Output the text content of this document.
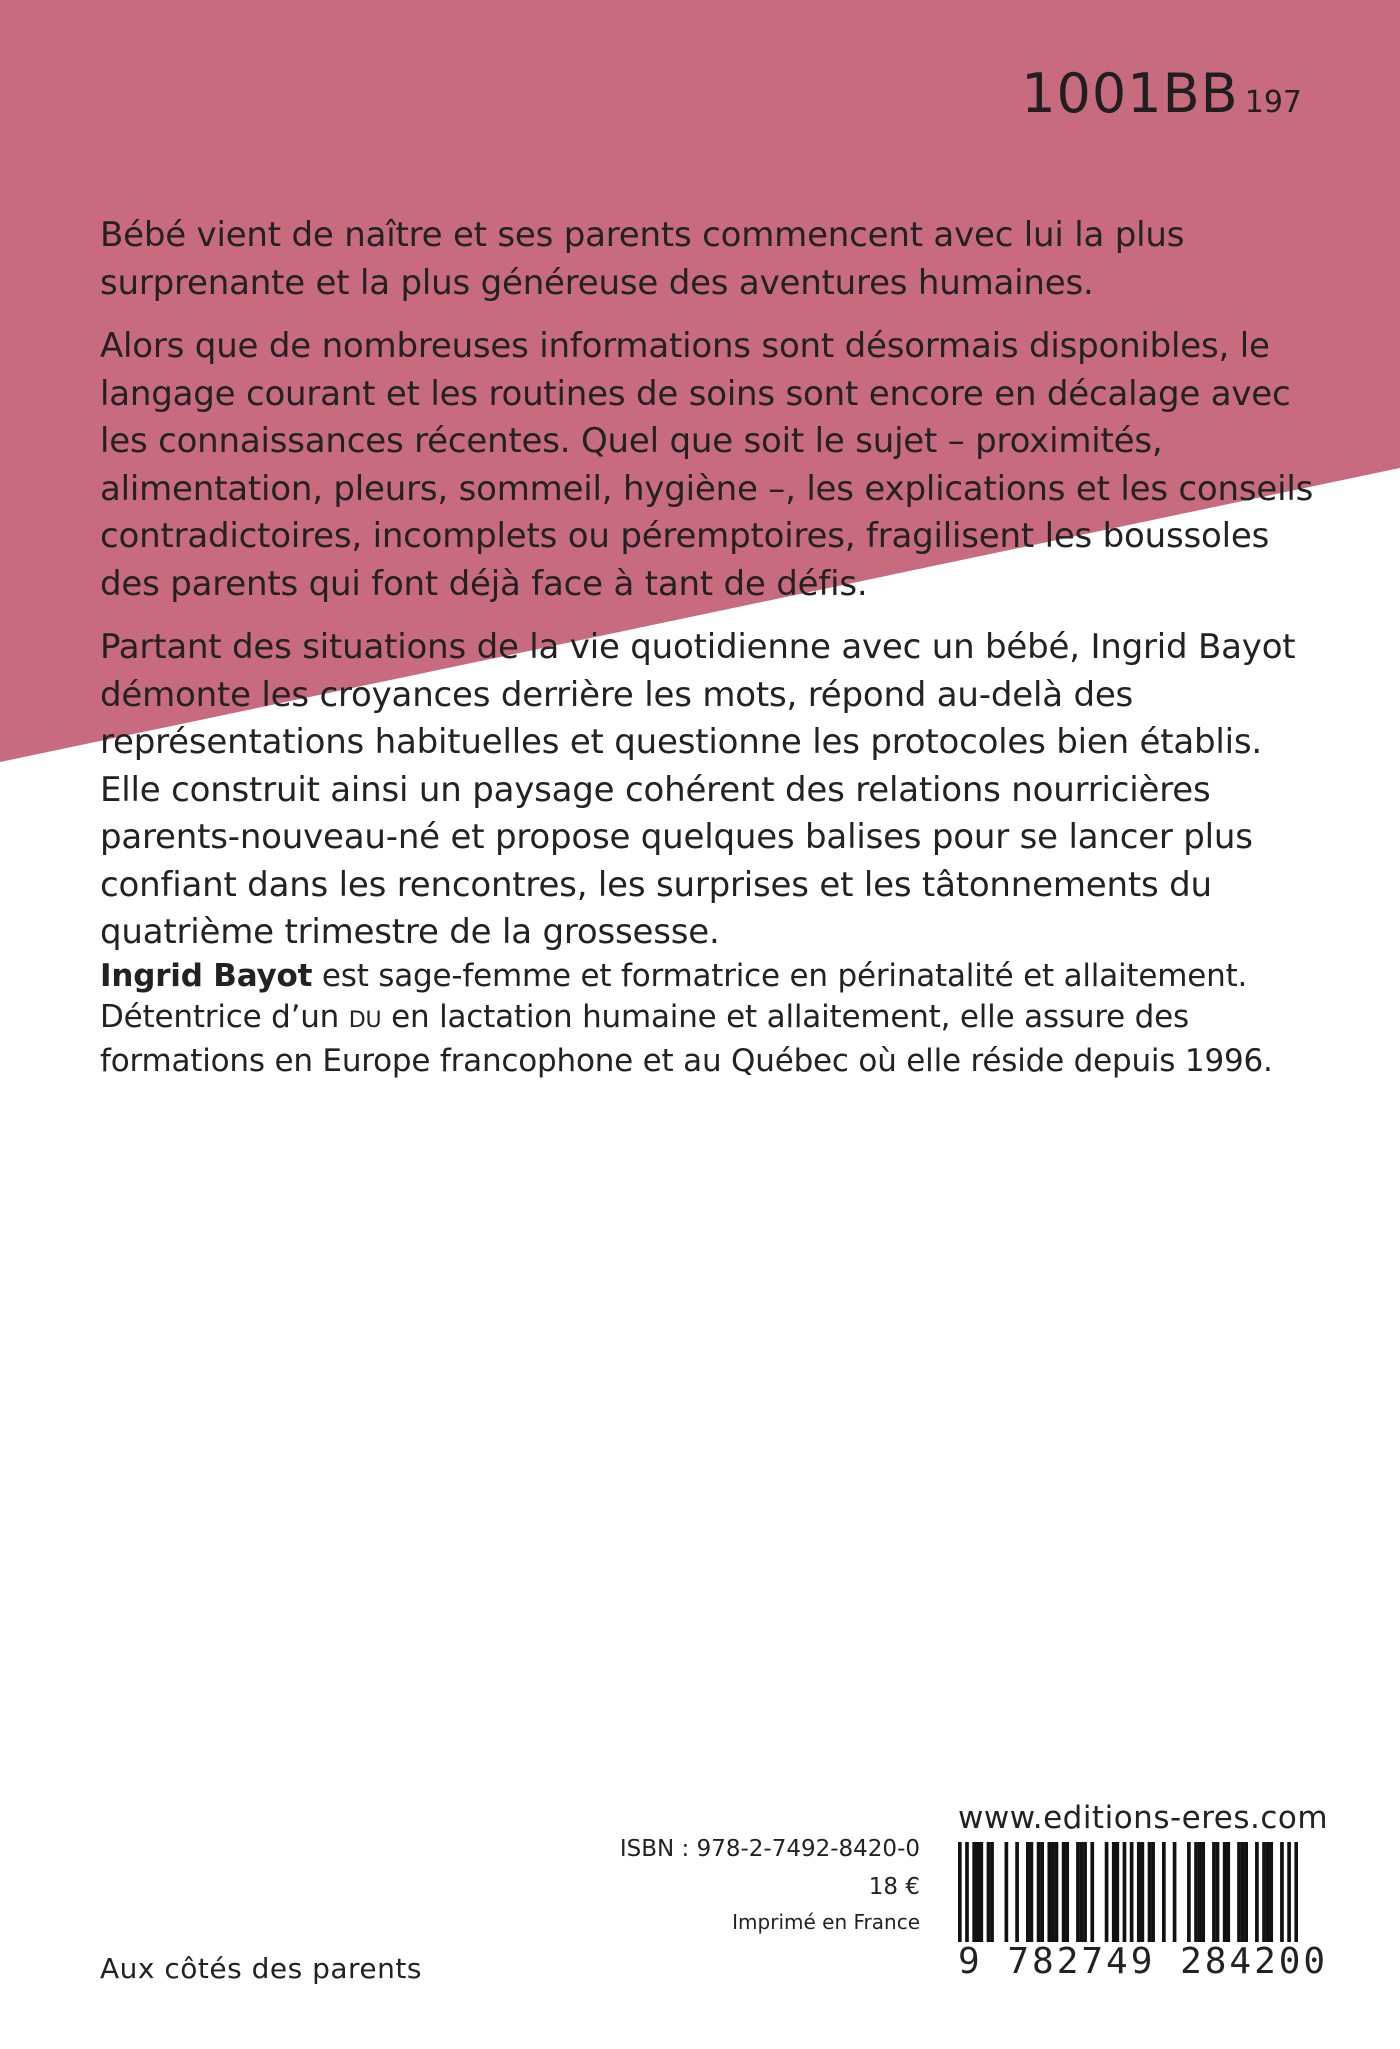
1001BB 197

Bébé vient de naître et ses parents commencent avec lui la plus surprenante et la plus généreuse des aventures humaines.

Alors que de nombreuses informations sont désormais disponibles, le langage courant et les routines de soins sont encore en décalage avec les connaissances récentes. Quel que soit le sujet – proximités, alimentation, pleurs, sommeil, hygiène –, les explications et les conseils contradictoires, incomplets ou péremptoires, fragilisent les boussoles des parents qui font déjà face à tant de défis.

Partant des situations de la vie quotidienne avec un bébé, Ingrid Bayot démonte les croyances derrière les mots, répond au-delà des représentations habituelles et questionne les protocoles bien établis. Elle construit ainsi un paysage cohérent des relations nourricières parents-nouveau-né et propose quelques balises pour se lancer plus confiant dans les rencontres, les surprises et les tâtonnements du quatrième trimestre de la grossesse.

Ingrid Bayot est sage-femme et formatrice en périnatalité et allaitement. Détentrice d’un DU en lactation humaine et allaitement, elle assure des formations en Europe francophone et au Québec où elle réside depuis 1996.

www.editions-eres.com
ISBN : 978-2-7492-8420-0
18 €
Imprimé en France
9 782749 284200
Aux côtés des parents
